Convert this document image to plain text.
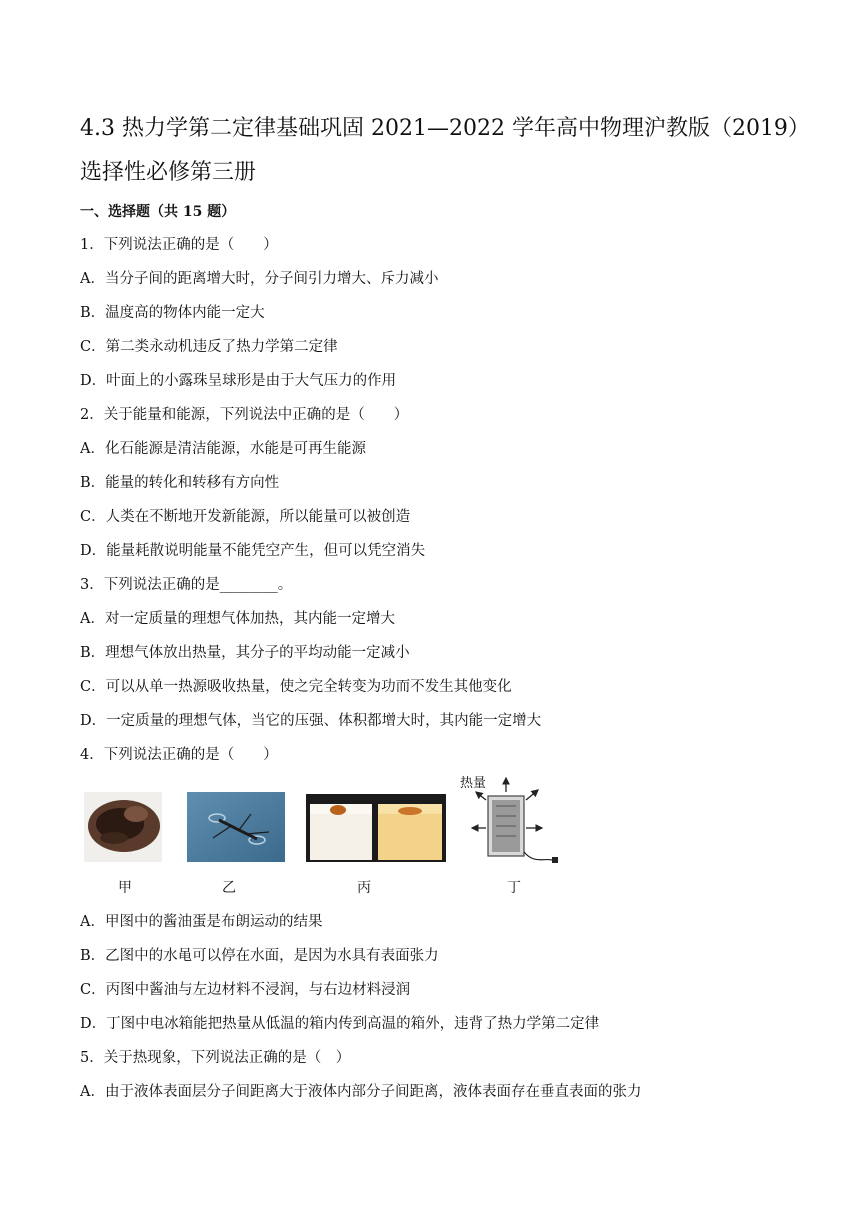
4.3 热力学第二定律基础巩固 2021—2022 学年高中物理沪教版（2019）
选择性必修第三册
一、选择题（共 15 题）
1．下列说法正确的是（　　）
A．当分子间的距离增大时，分子间引力增大、斥力减小
B．温度高的物体内能一定大
C．第二类永动机违反了热力学第二定律
D．叶面上的小露珠呈球形是由于大气压力的作用
2．关于能量和能源，下列说法中正确的是（　　）
A．化石能源是清洁能源，水能是可再生能源
B．能量的转化和转移有方向性
C．人类在不断地开发新能源，所以能量可以被创造
D．能量耗散说明能量不能凭空产生，但可以凭空消失
3．下列说法正确的是________。
A．对一定质量的理想气体加热，其内能一定增大
B．理想气体放出热量，其分子的平均动能一定减小
C．可以从单一热源吸收热量，使之完全转变为功而不发生其他变化
D．一定质量的理想气体，当它的压强、体积都增大时，其内能一定增大
4．下列说法正确的是（　　）
甲	乙	丙
热量
丁
A．甲图中的酱油蛋是布朗运动的结果
B．乙图中的水黾可以停在水面，是因为水具有表面张力
C．丙图中酱油与左边材料不浸润，与右边材料浸润
D．丁图中电冰箱能把热量从低温的箱内传到高温的箱外，违背了热力学第二定律
5．关于热现象，下列说法正确的是（　）
A．由于液体表面层分子间距离大于液体内部分子间距离，液体表面存在垂直表面的张力
